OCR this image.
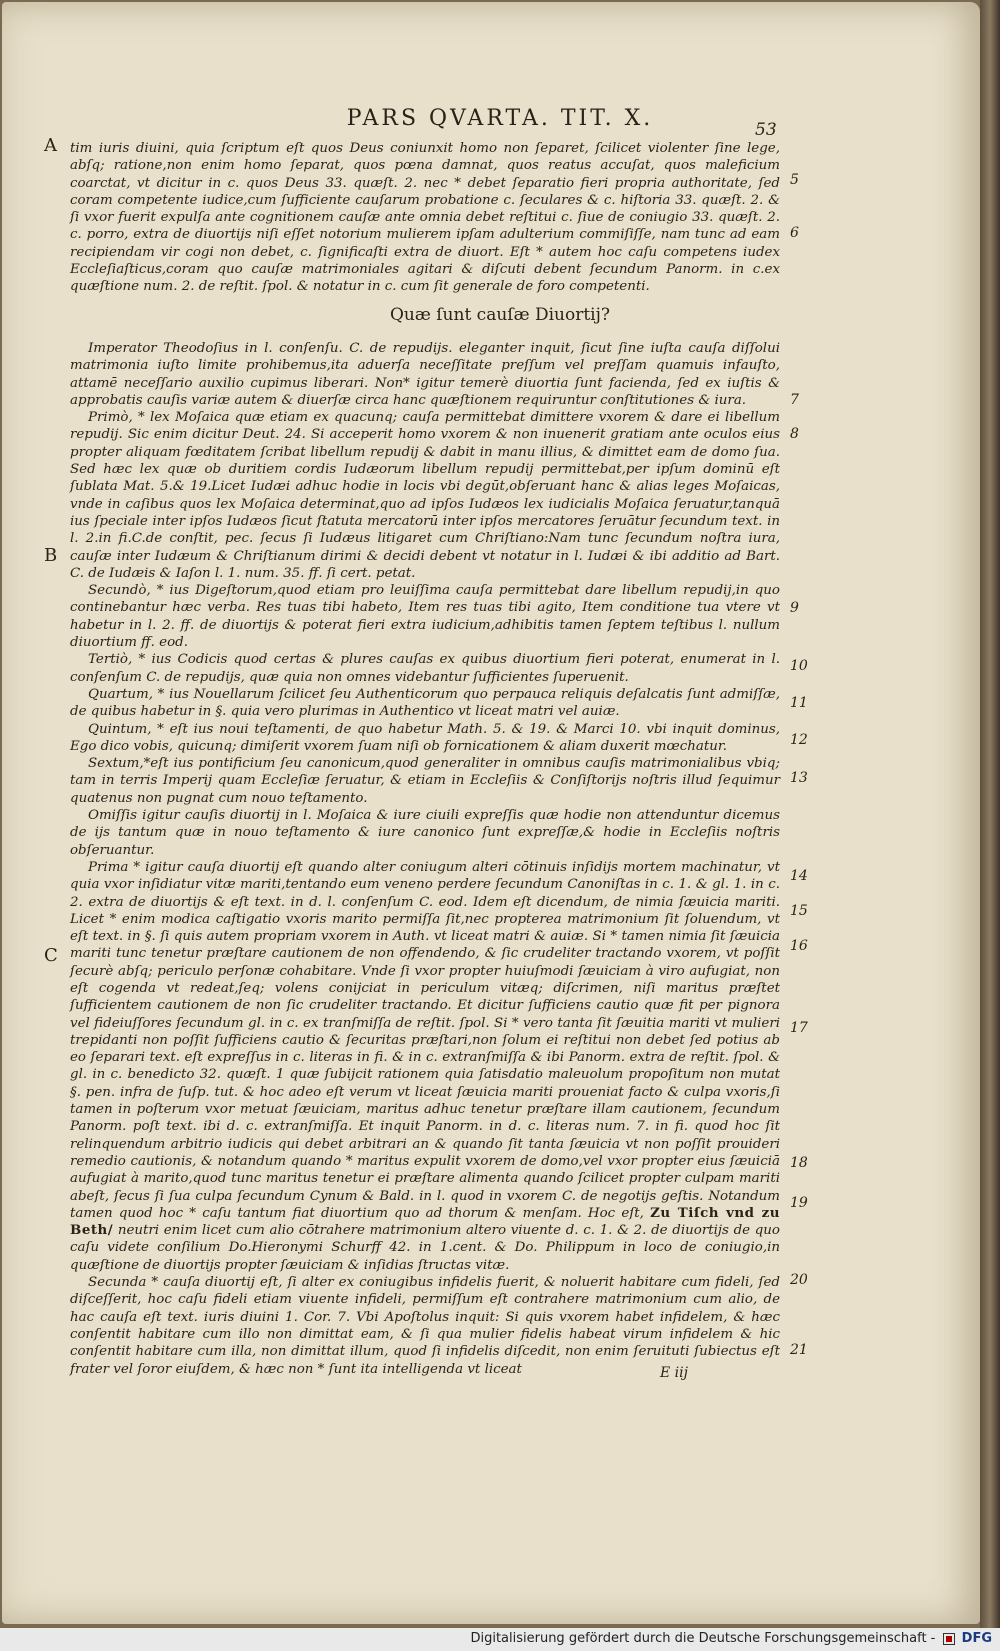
PARS QVARTA. TIT. X.	53
A
B
C

tim iuris diuini, quia ſcriptum eſt quos Deus coniunxit homo non ſeparet, ſcilicet violenter ſine lege, abſq; ratione,non enim homo ſeparat, quos pœna damnat, quos reatus accuſat, quos maleficium coarctat, vt dicitur in c. quos Deus 33. quæſt. 2. nec * debet ſeparatio fieri propria authoritate, ſed coram competente iudice,cum ſufficiente cauſarum probatione c. ſeculares & c. hiſtoria 33. quæſt. 2. & ſi vxor fuerit expulſa ante cognitionem cauſæ ante omnia debet reſtitui c. ſiue de coniugio 33. quæſt. 2. c. porro, extra de diuortijs niſi eſſet notorium mulierem ipſam adulterium commiſiſſe, nam tunc ad eam recipiendam vir cogi non debet, c. ſignificaſti extra de diuort. Eſt * autem hoc caſu competens iudex Eccleſiaſticus,coram quo cauſæ matrimoniales agitari & diſcuti debent ſecundum Panorm. in c.ex quæſtione num. 2. de reſtit. ſpol. & notatur in c. cum ſit generale de foro competenti.

Quæ ſunt cauſæ Diuortij?

Imperator Theodoſius in l. conſenſu. C. de repudijs. eleganter inquit, ſicut ſine iuſta cauſa diſſolui matrimonia iuſto limite prohibemus,ita aduerſa neceſſitate preſſum vel preſſam quamuis infauſto, attamē neceſſario auxilio cupimus liberari. Non* igitur temerè diuortia ſunt facienda, ſed ex iuſtis & approbatis cauſis variæ autem & diuerſæ circa hanc quæſtionem requiruntur conſtitutiones & iura.

Primò, * lex Moſaica quæ etiam ex quacunq; cauſa permittebat dimittere vxorem & dare ei libellum repudij. Sic enim dicitur Deut. 24. Si acceperit homo vxorem & non inuenerit gratiam ante oculos eius propter aliquam fœditatem ſcribat libellum repudij & dabit in manu illius, & dimittet eam de domo ſua. Sed hæc lex quæ ob duritiem cordis Iudæorum libellum repudij permittebat,per ipſum dominū eſt ſublata Mat. 5.& 19.Licet Iudæi adhuc hodie in locis vbi degūt,obſeruant hanc & alias leges Moſaicas, vnde in caſibus quos lex Moſaica determinat,quo ad ipſos Iudæos lex iudicialis Moſaica ſeruatur,tanquā ius ſpeciale inter ipſos Iudæos ſicut ſtatuta mercatorū inter ipſos mercatores ſeruātur ſecundum text. in l. 2.in fi.C.de conſtit, pec. ſecus ſi Iudæus litigaret cum Chriſtiano:Nam tunc ſecundum noſtra iura, cauſæ inter Iudæum & Chriſtianum dirimi & decidi debent vt notatur in l. Iudæi & ibi additio ad Bart. C. de Iudæis & Iaſon l. 1. num. 35. ff. ſi cert. petat.

Secundò, * ius Digeſtorum,quod etiam pro leuiſſima cauſa permittebat dare libellum repudij,in quo continebantur hæc verba. Res tuas tibi habeto, Item res tuas tibi agito, Item conditione tua vtere vt habetur in l. 2. ff. de diuortijs & poterat fieri extra iudicium,adhibitis tamen ſeptem teſtibus l. nullum diuortium ff. eod.

Tertiò, * ius Codicis quod certas & plures cauſas ex quibus diuortium fieri poterat, enumerat in l. conſenſum C. de repudijs, quæ quia non omnes videbantur ſufficientes ſuperuenit.

Quartum, * ius Nouellarum ſcilicet ſeu Authenticorum quo perpauca reliquis deſalcatis ſunt admiſſæ, de quibus habetur in §. quia vero plurimas in Authentico vt liceat matri vel auiæ.

Quintum, * eſt ius noui teſtamenti, de quo habetur Math. 5. & 19. & Marci 10. vbi inquit dominus, Ego dico vobis, quicunq; dimiſerit vxorem ſuam niſi ob fornicationem & aliam duxerit mœchatur.

Sextum,*eſt ius pontificium ſeu canonicum,quod generaliter in omnibus cauſis matrimonialibus vbiq; tam in terris Imperij quam Eccleſiæ ſeruatur, & etiam in Eccleſiis & Conſiſtorijs noſtris illud ſequimur quatenus non pugnat cum nouo teſtamento.

Omiſſis igitur cauſis diuortij in l. Moſaica & iure ciuili expreſſis quæ hodie non attenduntur dicemus de ijs tantum quæ in nouo teſtamento & iure canonico ſunt expreſſæ,& hodie in Eccleſiis noſtris obſeruantur.

Prima * igitur cauſa diuortij eſt quando alter coniugum alteri cōtinuis inſidijs mortem machinatur, vt quia vxor inſidiatur vitæ mariti,tentando eum veneno perdere ſecundum Canoniſtas in c. 1. & gl. 1. in c. 2. extra de diuortijs & eſt text. in d. l. conſenſum C. eod. Idem eſt dicendum, de nimia ſæuicia mariti. Licet * enim modica caſtigatio vxoris marito permiſſa ſit,nec propterea matrimonium ſit ſoluendum, vt eſt text. in §. ſi quis autem propriam vxorem in Auth. vt liceat matri & auiæ. Si * tamen nimia ſit ſæuicia mariti tunc tenetur præſtare cautionem de non offendendo, & ſic crudeliter tractando vxorem, vt poſſit ſecurè abſq; periculo perſonæ cohabitare. Vnde ſi vxor propter huiuſmodi ſæuiciam à viro aufugiat, non eſt cogenda vt redeat,ſeq; volens conijciat in periculum vitæq; diſcrimen, niſi maritus præſtet ſufficientem cautionem de non ſic crudeliter tractando. Et dicitur ſufficiens cautio quæ fit per pignora vel fideiuſſores ſecundum gl. in c. ex tranſmiſſa de reſtit. ſpol. Si * vero tanta ſit ſæuitia mariti vt mulieri trepidanti non poſſit ſufficiens cautio & ſecuritas præſtari,non ſolum ei reſtitui non debet ſed potius ab eo ſeparari text. eſt expreſſus in c. literas in fi. & in c. extranſmiſſa & ibi Panorm. extra de reſtit. ſpol. & gl. in c. benedicto 32. quæſt. 1 quæ ſubijcit rationem quia ſatisdatio maleuolum propoſitum non mutat §. pen. infra de ſuſp. tut. & hoc adeo eſt verum vt liceat ſæuicia mariti proueniat facto & culpa vxoris,ſi tamen in poſterum vxor metuat ſæuiciam, maritus adhuc tenetur præſtare illam cautionem, ſecundum Panorm. poſt text. ibi d. c. extranſmiſſa. Et inquit Panorm. in d. c. literas num. 7. in fi. quod hoc ſit relinquendum arbitrio iudicis qui debet arbitrari an & quando ſit tanta ſæuicia vt non poſſit prouideri remedio cautionis, & notandum quando * maritus expulit vxorem de domo,vel vxor propter eius ſæuiciā aufugiat à marito,quod tunc maritus tenetur ei præſtare alimenta quando ſcilicet propter culpam mariti abeſt, ſecus ſi ſua culpa ſecundum Cynum & Bald. in l. quod in vxorem C. de negotijs geſtis. Notandum tamen quod hoc * caſu tantum fiat diuortium quo ad thorum & menſam. Hoc eſt, Zu Tiſch vnd zu Beth/ neutri enim licet cum alio cōtrahere matrimonium altero viuente d. c. 1. & 2. de diuortijs de quo caſu videte conſilium Do.Hieronymi Schurff 42. in 1.cent. & Do. Philippum in loco de coniugio,in quæſtione de diuortijs propter ſæuiciam & inſidias ſtructas vitæ.

Secunda * cauſa diuortij eſt, ſi alter ex coniugibus infidelis fuerit, & noluerit habitare cum fideli, ſed diſceſſerit, hoc caſu fideli etiam viuente infideli, permiſſum eſt contrahere matrimonium cum alio, de hac cauſa eſt text. iuris diuini 1. Cor. 7. Vbi Apoſtolus inquit: Si quis vxorem habet infidelem, & hæc conſentit habitare cum illo non dimittat eam, & ſi qua mulier fidelis habeat virum infidelem & hic conſentit habitare cum illa, non dimittat illum, quod ſi infidelis diſcedit, non enim ſeruituti ſubiectus eſt frater vel ſoror eiuſdem, & hæc non * ſunt ita intelligenda vt liceat

5
6
7
8
9
10
11
12
13
14
15
16
17
18
19
20
21
E iij
Digitalisierung gefördert durch die Deutsche Forschungsgemeinschaft - DFG
